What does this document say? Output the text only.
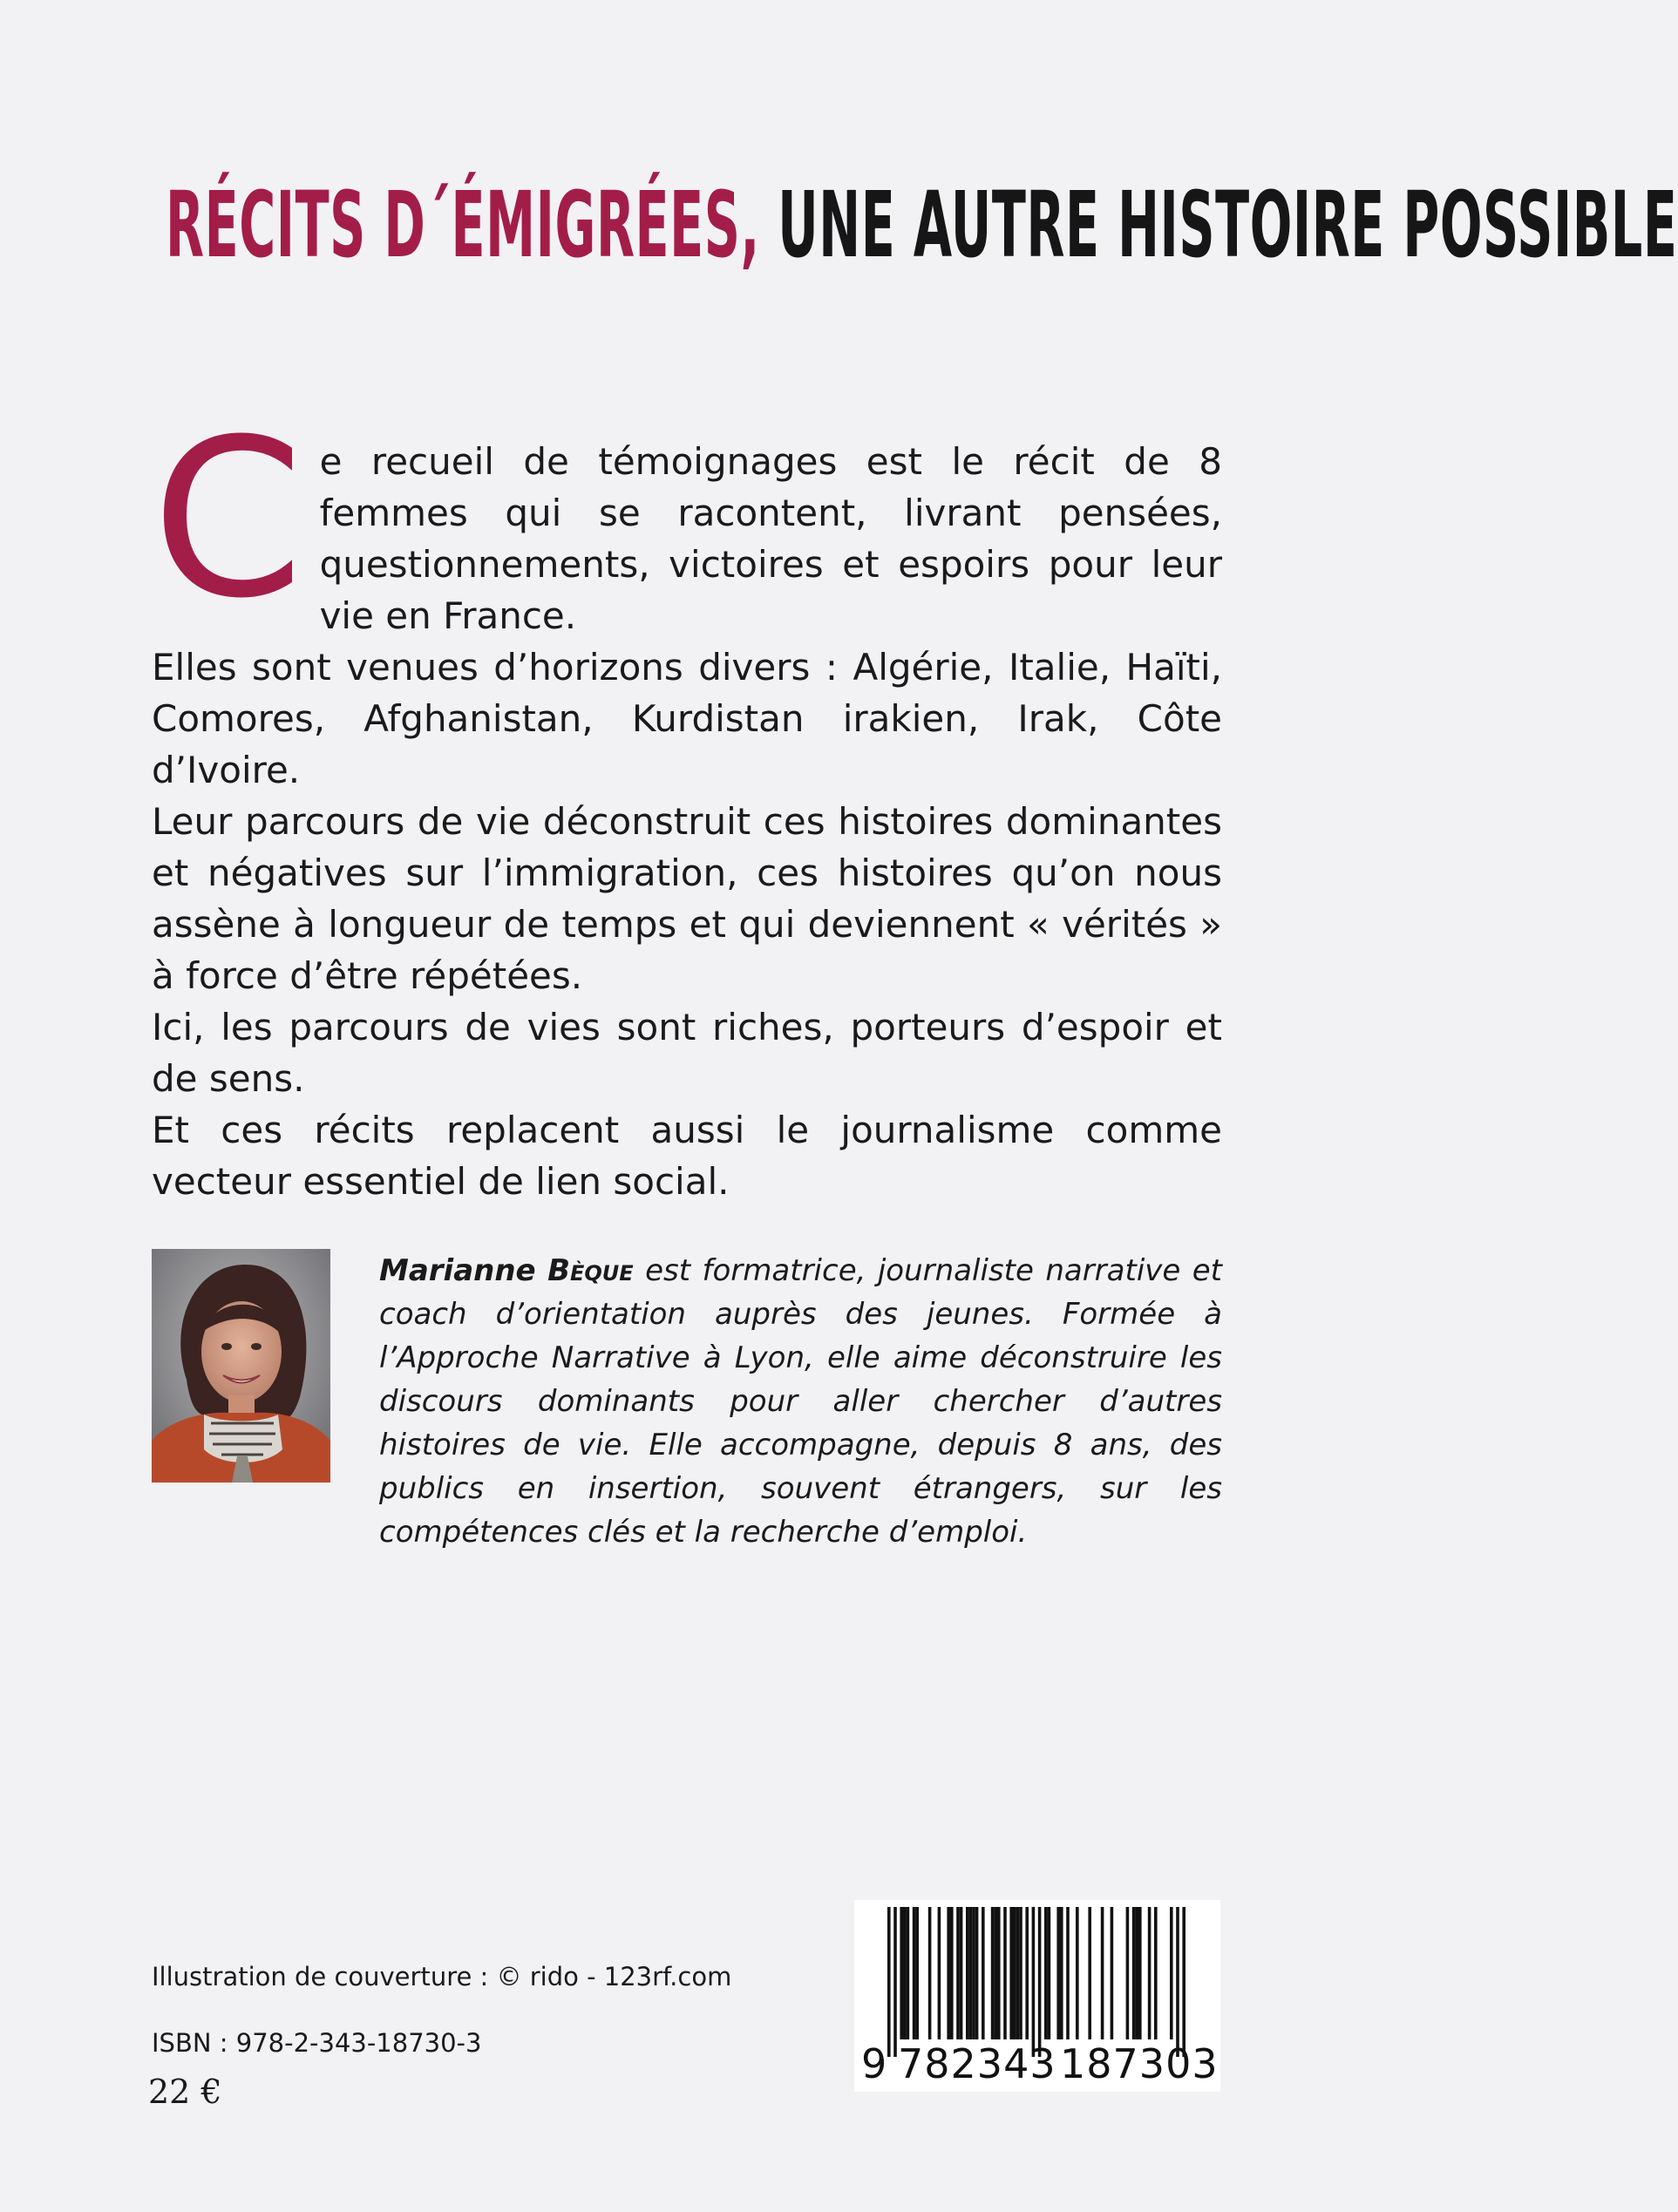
RÉCITS D´ÉMIGRÉES, UNE AUTRE HISTOIRE POSSIBLE
C e recueil de témoignages est le récit de 8 femmes qui se racontent, livrant pensées, questionnements, victoires et espoirs pour leur vie en France.

Elles sont venues d’horizons divers : Algérie, Italie, Haïti, Comores, Afghanistan, Kurdistan irakien, Irak, Côte d’Ivoire.

Leur parcours de vie déconstruit ces histoires dominantes et négatives sur l’immigration, ces histoires qu’on nous assène à longueur de temps et qui deviennent « vérités » à force d’être répétées.

Ici, les parcours de vies sont riches, porteurs d’espoir et de sens.

Et ces récits replacent aussi le journalisme comme vecteur essentiel de lien social.

Marianne Bèque est formatrice, journaliste narrative et coach d’orientation auprès des jeunes. Formée à l’Approche Narrative à Lyon, elle aime déconstruire les discours dominants pour aller chercher d’autres histoires de vie. Elle accompagne, depuis 8 ans, des publics en insertion, souvent étrangers, sur les compétences clés et la recherche d’emploi.
Illustration de couverture : © rido - 123rf.com
ISBN : 978-2-343-18730-3
22 €
9 782343 187303
